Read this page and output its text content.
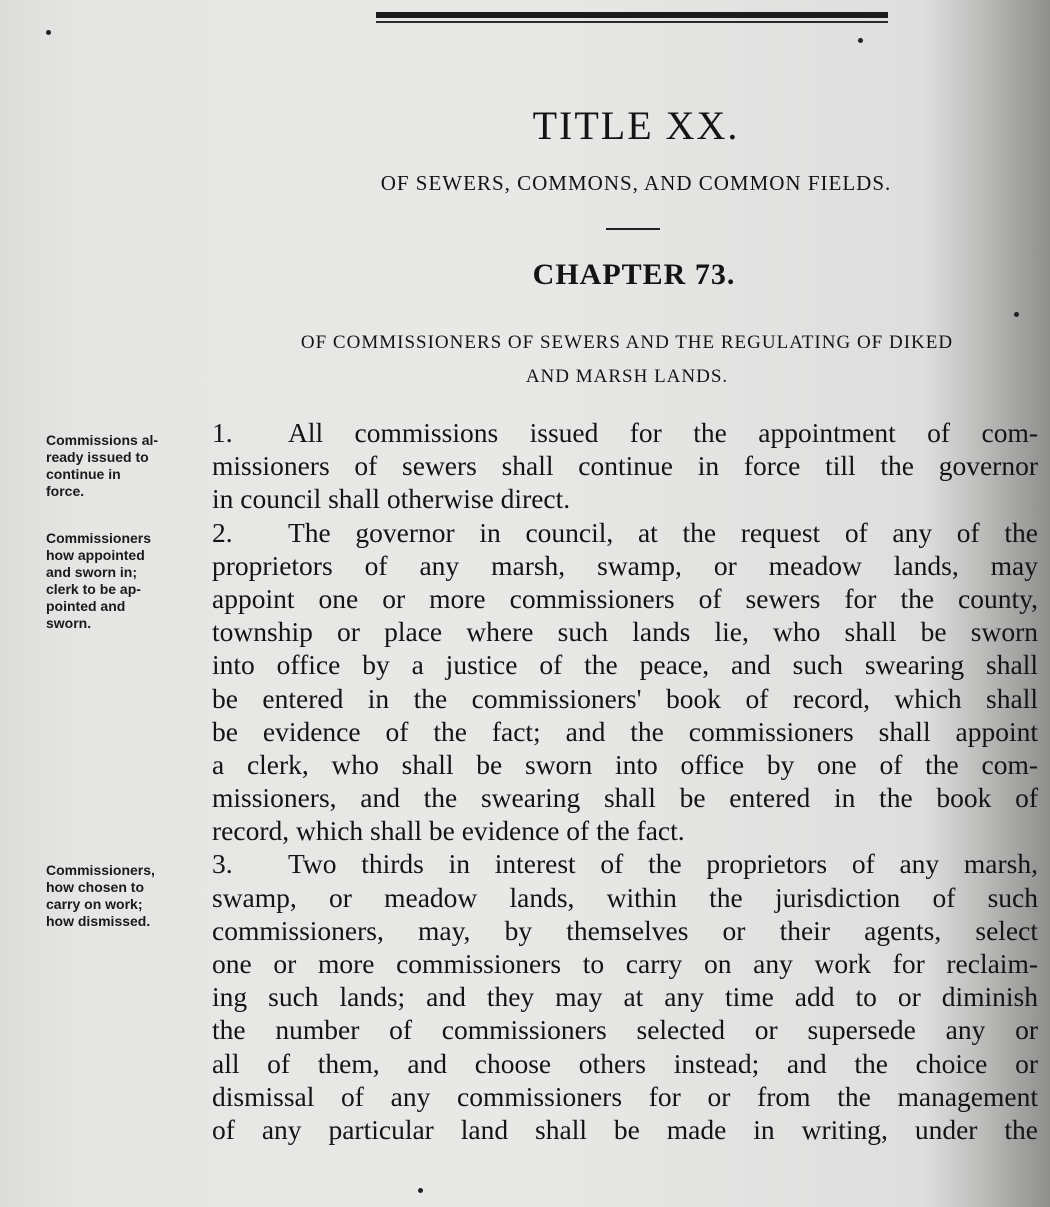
TITLE XX.
OF SEWERS, COMMONS, AND COMMON FIELDS.
CHAPTER 73.
OF COMMISSIONERS OF SEWERS AND THE REGULATING OF DIKED
AND MARSH LANDS.
Commissions al-
ready issued to
continue in
force.
Commissioners
how appointed
and sworn in;
clerk to be ap-
pointed and
sworn.
Commissioners,
how chosen to
carry on work;
how dismissed.
1. All commissions issued for the appointment of com-
missioners of sewers shall continue in force till the governor
in council shall otherwise direct.
2. The governor in council, at the request of any of the
proprietors of any marsh, swamp, or meadow lands, may
appoint one or more commissioners of sewers for the county,
township or place where such lands lie, who shall be sworn
into office by a justice of the peace, and such swearing shall
be entered in the commissioners' book of record, which shall
be evidence of the fact; and the commissioners shall appoint
a clerk, who shall be sworn into office by one of the com-
missioners, and the swearing shall be entered in the book of
record, which shall be evidence of the fact.
3. Two thirds in interest of the proprietors of any marsh,
swamp, or meadow lands, within the jurisdiction of such
commissioners, may, by themselves or their agents, select
one or more commissioners to carry on any work for reclaim-
ing such lands; and they may at any time add to or diminish
the number of commissioners selected or supersede any or
all of them, and choose others instead; and the choice or
dismissal of any commissioners for or from the management
of any particular land shall be made in writing, under the
